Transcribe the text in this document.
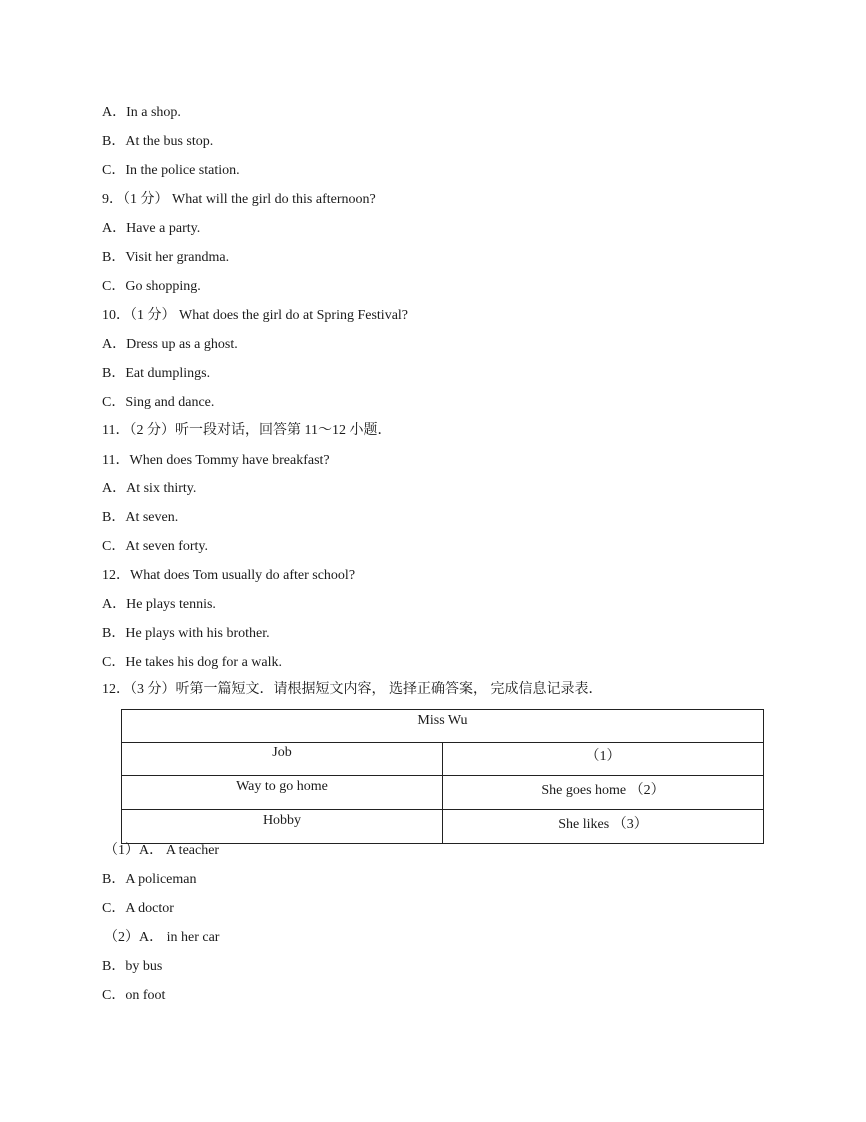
A．In a shop.
B．At the bus stop.
C．In the police station.
9．（1 分） What will the girl do this afternoon?
A．Have a party.
B．Visit her grandma.
C．Go shopping.
10．（1 分） What does the girl do at Spring Festival?
A．Dress up as a ghost.
B．Eat dumplings.
C．Sing and dance.
11．（2 分）听一段对话，回答第 11～12 小题．
11．When does Tommy have breakfast?
A．At six thirty.
B．At seven.
C．At seven forty.
12．What does Tom usually do after school?
A．He plays tennis.
B．He plays with his brother.
C．He takes his dog for a walk.
12．（3 分）听第一篇短文．请根据短文内容， 选择正确答案， 完成信息记录表．
Miss Wu	
Job	（1）
Way to go home	She goes home （2）
Hobby	She likes （3）
（1）A． A teacher
B．A policeman
C．A doctor
（2）A． in her car
B．by bus
C．on foot
